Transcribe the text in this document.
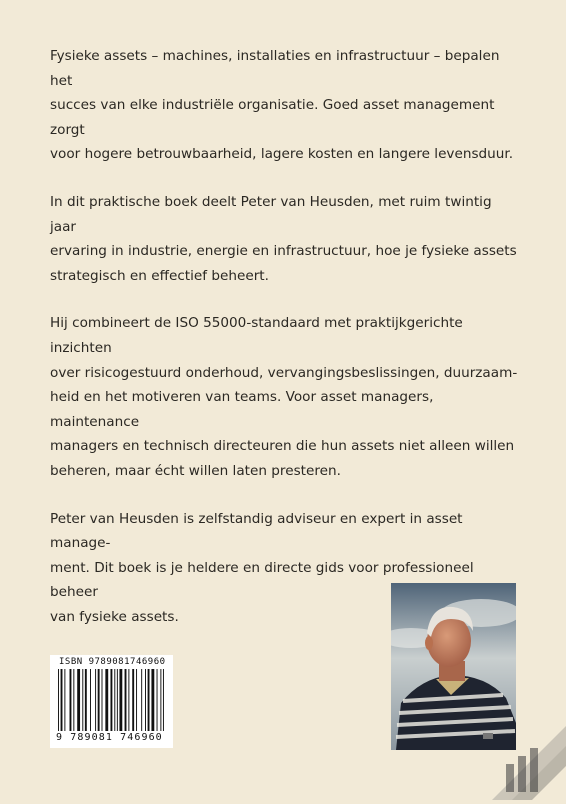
Fysieke assets – machines, installaties en infrastructuur – bepalen het
succes van elke industriële organisatie. Goed asset management zorgt
voor hogere betrouwbaarheid, lagere kosten en langere levensduur.

In dit praktische boek deelt Peter van Heusden, met ruim twintig jaar
ervaring in industrie, energie en infrastructuur, hoe je fysieke assets
strategisch en effectief beheert.

Hij combineert de ISO 55000-standaard met praktijkgerichte inzichten
over risicogestuurd onderhoud, vervangingsbeslissingen, duurzaam-
heid en het motiveren van teams. Voor asset managers, maintenance
managers en technisch directeuren die hun assets niet alleen willen
beheren, maar écht willen laten presteren.

Peter van Heusden is zelfstandig adviseur en expert in asset manage-
ment. Dit boek is je heldere en directe gids voor professioneel beheer
van fysieke assets.

ISBN 9789081746960
9 789081 746960
